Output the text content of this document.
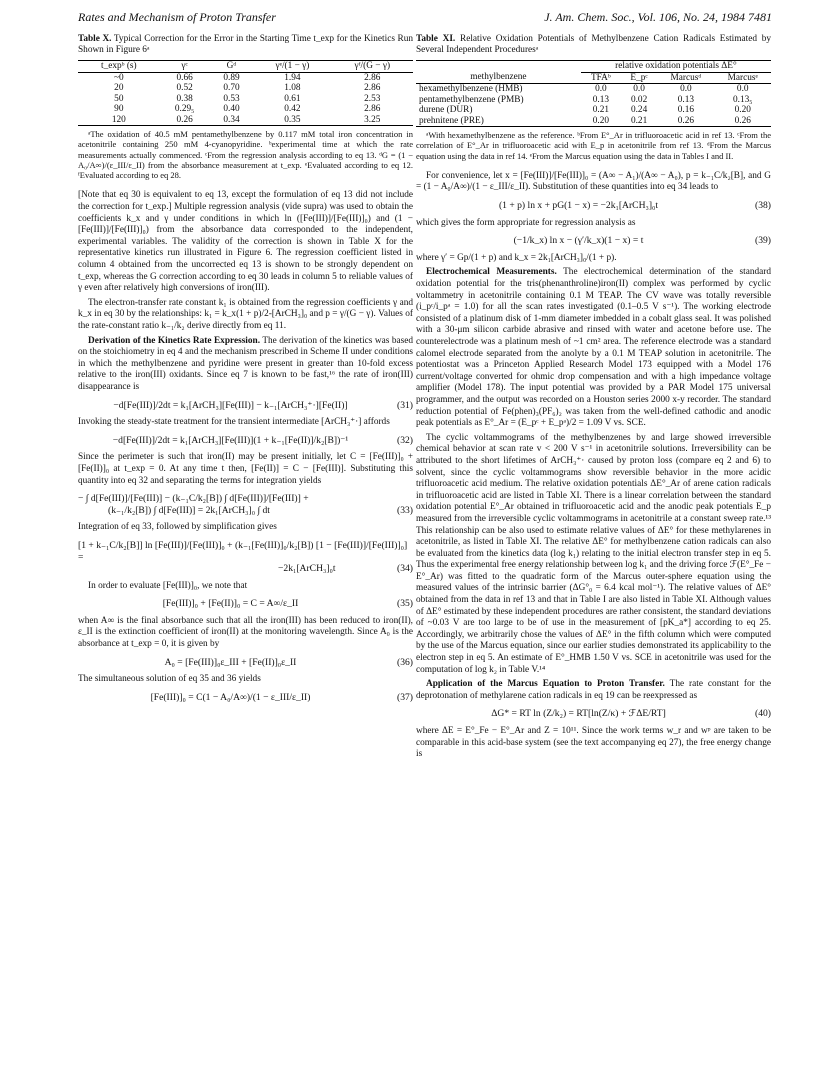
Rates and Mechanism of Proton Transfer	J. Am. Chem. Soc., Vol. 106, No. 24, 1984 7481
Table X. Typical Correction for the Error in the Starting Time t_exp for the Kinetics Run Shown in Figure 6ᵃ
t_expᵇ (s)	γᶜ	Gᵈ	γᵉ/(1 − γ)	γᶠ/(G − γ)
~0	0.66	0.89	1.94	2.86
20	0.52	0.70	1.08	2.86
50	0.38	0.53	0.61	2.53
90	0.29₅	0.40	0.42	2.86
120	0.26	0.34	0.35	3.25
ᵃThe oxidation of 40.5 mM pentamethylbenzene by 0.117 mM total iron concentration in acetonitrile containing 250 mM 4-cyanopyridine. ᵇexperimental time at which the rate measurements actually commenced. ᶜFrom the regression analysis according to eq 13. ᵈG = (1 − A₀/A∞)/(ε_III/ε_II) from the absorbance measurement at t_exp. ᵉEvaluated according to eq 12. ᶠEvaluated according to eq 28.

[Note that eq 30 is equivalent to eq 13, except the formulation of eq 13 did not include the correction for t_exp.] Multiple regression analysis (vide supra) was used to obtain the coefficients k_x and γ under conditions in which ln ([Fe(III)]/[Fe(III)]₀) and (1 − [Fe(III)]/[Fe(III)]₀) from the absorbance data corresponded to the independent, experimental variables. The validity of the correction is shown in Table X for the representative kinetics run illustrated in Figure 6. The regression coefficient listed in column 4 obtained from the uncorrected eq 13 is shown to be strongly dependent on t_exp, whereas the G correction according to eq 30 leads in column 5 to reliable values of γ even after relatively high conversions of iron(III).

The electron-transfer rate constant k₁ is obtained from the regression coefficients γ and k_x in eq 30 by the relationships: k₁ = k_x(1 + p)/2-[ArCH₃]₀ and p = γ/(G − γ). Values of the rate-constant ratio k₋₁/k₂ derive directly from eq 11.

Derivation of the Kinetics Rate Expression. The derivation of the kinetics was based on the stoichiometry in eq 4 and the mechanism prescribed in Scheme II under conditions in which the methylbenzene and pyridine were present in greater than 10-fold excess relative to the iron(III) oxidants. Since eq 7 is known to be fast,¹⁶ the rate of iron(III) disappearance is

−d[Fe(III)]/2dt = k₁[ArCH₃][Fe(III)] − k₋₁[ArCH₃⁺·][Fe(II)]	(31)

Invoking the steady-state treatment for the transient intermediate [ArCH₃⁺·] affords

−d[Fe(III)]/2dt = k₁[ArCH₃][Fe(III)](1 + k₋₁[Fe(II)]/k₂[B])⁻¹	(32)

Since the perimeter is such that iron(II) may be present initially, let C = [Fe(III)]₀ + [Fe(II)]₀ at t_exp = 0. At any time t then, [Fe(II)] = C − [Fe(III)]. Substituting this quantity into eq 32 and separating the terms for integration yields

− ∫ d[Fe(III)]/[Fe(III)] − (k₋₁C/k₂[B]) ∫ d[Fe(III)]/[Fe(III)] +
(k₋₁/k₂[B]) ∫ d[Fe(III)] = 2k₁[ArCH₃]₀ ∫ dt	(33)

Integration of eq 33, followed by simplification gives

[1 + k₋₁C/k₂[B]] ln [Fe(III)]/[Fe(III)]₀ + (k₋₁[Fe(III)]₀/k₂[B]) [1 − [Fe(III)]/[Fe(III)]₀] =
−2k₁[ArCH₃]₀t	(34)

In order to evaluate [Fe(III)]₀, we note that

[Fe(III)]₀ + [Fe(II)]₀ = C = A∞/ε_II	(35)

when A∞ is the final absorbance such that all the iron(III) has been reduced to iron(II), ε_II is the extinction coefficient of iron(II) at the monitoring wavelength. Since A₀ is the absorbance at t_exp = 0, it is given by

A₀ = [Fe(III)]₀ε_III + [Fe(II)]₀ε_II	(36)

The simultaneous solution of eq 35 and 36 yields

[Fe(III)]₀ = C(1 − A₀/A∞)/(1 − ε_III/ε_II)	(37)
Table XI. Relative Oxidation Potentials of Methylbenzene Cation Radicals Estimated by Several Independent Proceduresᵃ
	relative oxidation potentials ΔE°			
methylbenzene	TFAᵇ	E_pᶜ	Marcusᵈ	Marcusᵉ
hexamethylbenzene (HMB)	0.0	0.0	0.0	0.0
pentamethylbenzene (PMB)	0.13	0.02	0.13	0.13₅
durene (DUR)	0.21	0.24	0.16	0.20
prehnitene (PRE)	0.20	0.21	0.26	0.26
ᵃWith hexamethylbenzene as the reference. ᵇFrom E°_Ar in trifluoroacetic acid in ref 13. ᶜFrom the correlation of E°_Ar in trifluoroacetic acid with E_p in acetonitrile from ref 13. ᵈFrom the Marcus equation using the data in ref 14. ᵉFrom the Marcus equation using the data in Tables I and II.

For convenience, let x = [Fe(III)]/[Fe(III)]₀ = (A∞ − A₁)/(A∞ − A₀), p = k₋₁C/k₂[B], and G = (1 − A₀/A∞)/(1 − ε_III/ε_II). Substitution of these quantities into eq 34 leads to

(1 + p) ln x + pG(1 − x) = −2k₁[ArCH₃]₀t	(38)

which gives the form appropriate for regression analysis as

(−1/k_x) ln x − (γ′/k_x)(1 − x) = t	(39)

where γ′ = Gp/(1 + p) and k_x = 2k₁[ArCH₃]₀/(1 + p).

Electrochemical Measurements. The electrochemical determination of the standard oxidation potential for the tris(phenanthroline)iron(II) complex was performed by cyclic voltammetry in acetonitrile containing 0.1 M TEAP. The CV wave was totally reversible (i_pᶜ/i_pᵃ = 1.0) for all the scan rates investigated (0.1–0.5 V s⁻¹). The working electrode consisted of a platinum disk of 1-mm diameter imbedded in a cobalt glass seal. It was polished with a 30-μm silicon carbide abrasive and rinsed with water and acetone before use. The counterelectrode was a platinum mesh of ~1 cm² area. The reference electrode was a standard calomel electrode separated from the anolyte by a 0.1 M TEAP solution in acetonitrile. The potentiostat was a Princeton Applied Research Model 173 equipped with a Model 176 current/voltage converted for ohmic drop compensation and with a high impedance voltage amplifier (Model 178). The input potential was provided by a PAR Model 175 universal programmer, and the output was recorded on a Houston series 2000 x-y recorder. The standard reduction potential of Fe(phen)₃(PF₆)₂ was taken from the well-defined cathodic and anodic peak potentials as E°_Ar = (E_pᶜ + E_pᵃ)/2 = 1.09 V vs. SCE.

The cyclic voltammograms of the methylbenzenes by and large showed irreversible chemical behavior at scan rate v < 200 V s⁻¹ in acetonitrile solutions. Irreversibility can be attributed to the short lifetimes of ArCH₃⁺· caused by proton loss (compare eq 2 and 6) to solvent, since the cyclic voltammograms show reversible behavior in the more acidic trifluoroacetic acid medium. The relative oxidation potentials ΔE°_Ar of arene cation radicals in trifluoroacetic acid are listed in Table XI. There is a linear correlation between the standard oxidation potential E°_Ar obtained in trifluoroacetic acid and the anodic peak potentials E_p measured from the irreversible cyclic voltammograms in acetonitrile at a constant sweep rate.¹³ This relationship can be also used to estimate relative values of ΔE° for these methylarenes in acetonitrile, as listed in Table XI. The relative ΔE° for methylbenzene cation radicals can also be evaluated from the kinetics data (log k₁) relating to the initial electron transfer step in eq 5. Thus the experimental free energy relationship between log k₁ and the driving force ℱ(E°_Fe − E°_Ar) was fitted to the quadratic form of the Marcus outer-sphere equation using the measured values of the intrinsic barrier (ΔG°₀ = 6.4 kcal mol⁻¹). The relative values of ΔE° obtained from the data in ref 13 and that in Table I are also listed in Table XI. Although values of ΔE° estimated by these independent procedures are rather consistent, the standard deviations of ~0.03 V are too large to be of use in the measurement of [pK_a*] according to eq 25. Accordingly, we arbitrarily chose the values of ΔE° in the fifth column which were computed by the use of the Marcus equation, since our earlier studies demonstrated its applicability to the electron step in eq 5. An estimate of E°_HMB 1.50 V vs. SCE in acetonitrile was used for the computation of log k₂ in Table V.¹⁴

Application of the Marcus Equation to Proton Transfer. The rate constant for the deprotonation of methylarene cation radicals in eq 19 can be reexpressed as

ΔG* = RT ln (Z/k₂) = RT[ln(Z/κ) + ℱΔE/RT]	(40)

where ΔE = E°_Fe − E°_Ar and Z = 10¹¹. Since the work terms w_r and wᵖ are taken to be comparable in this acid-base system (see the text accompanying eq 27), the free energy change is
